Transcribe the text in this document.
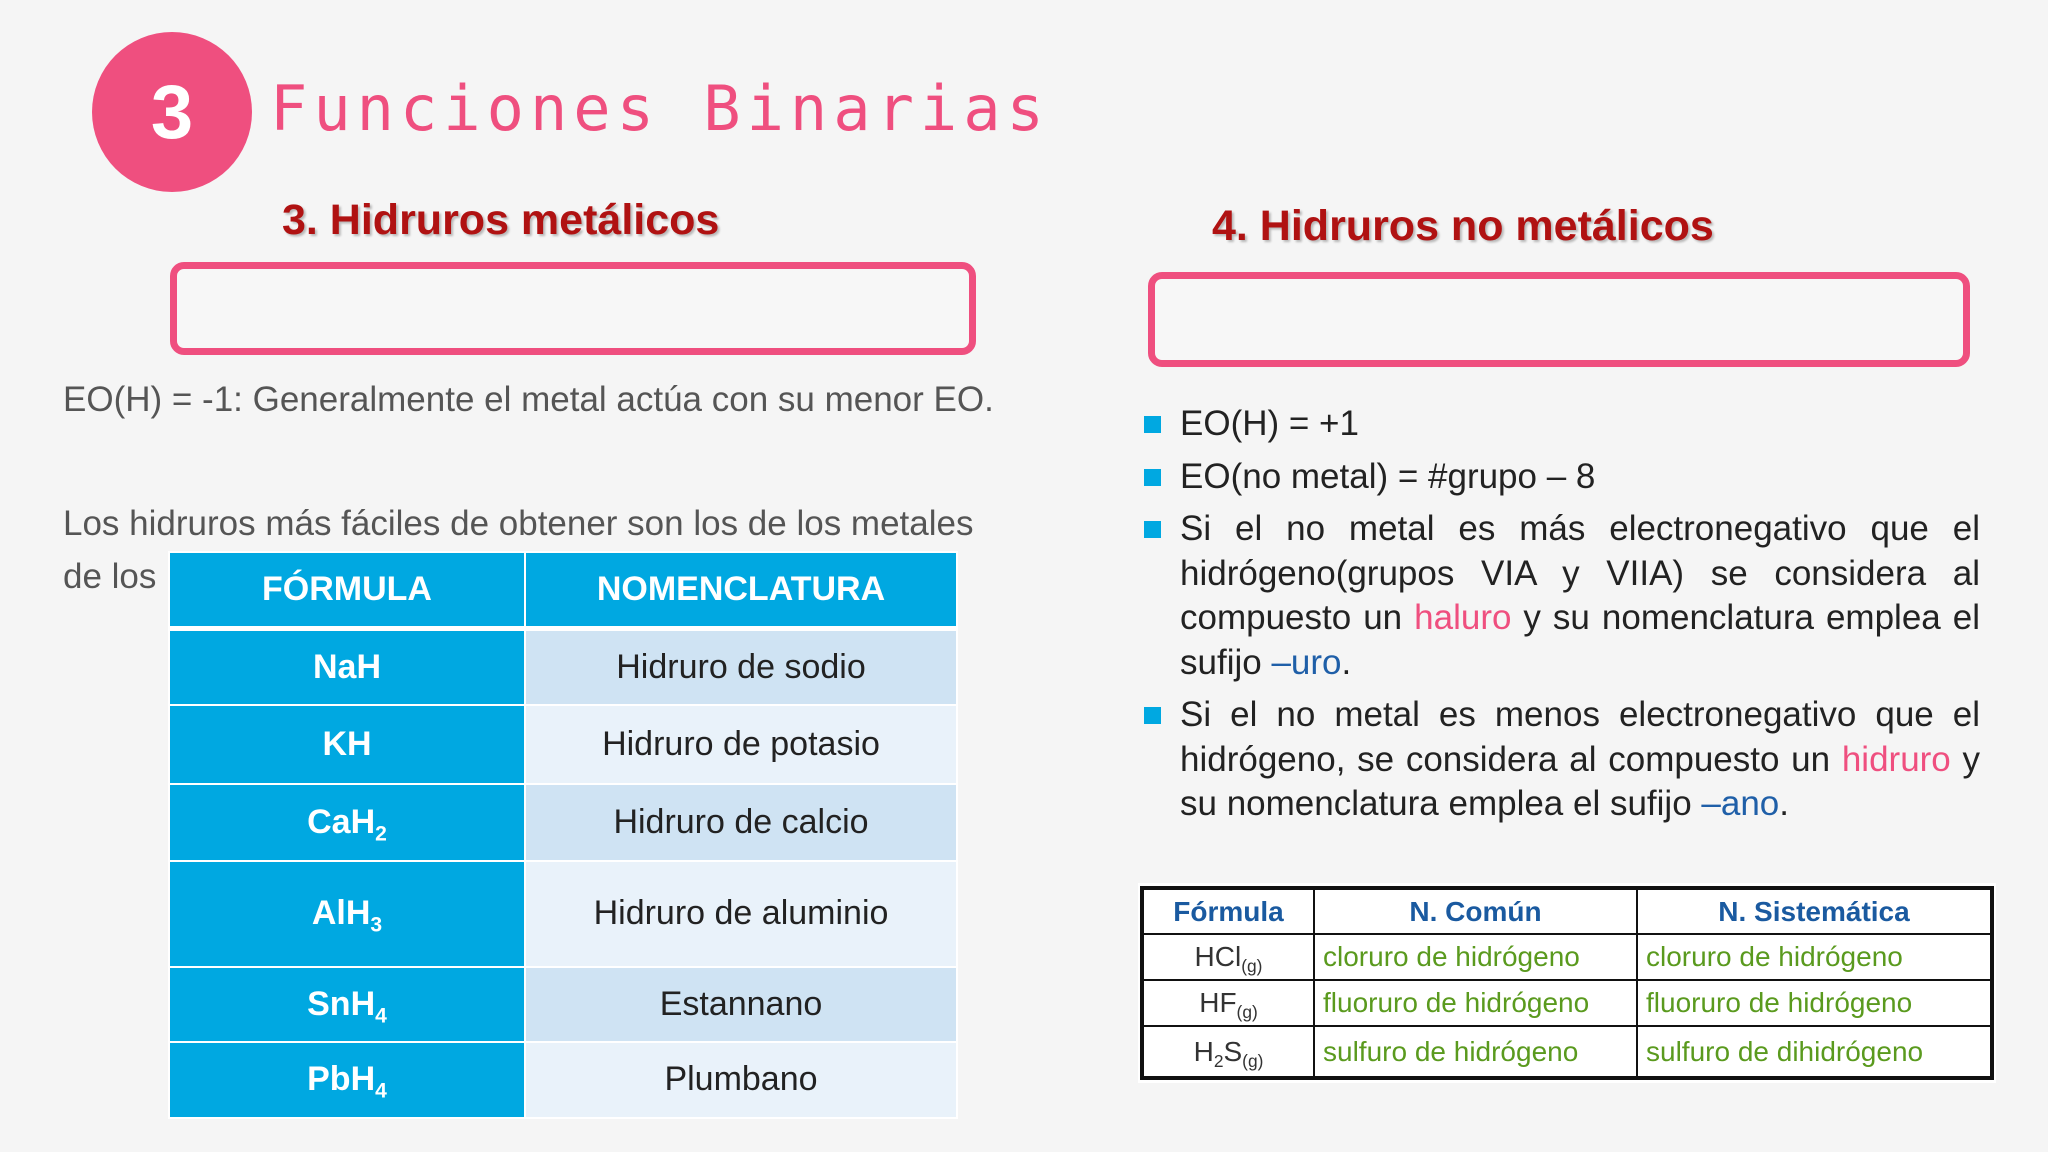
3 Funciones Binarias
3. Hidruros metálicos
EO(H) = -1: Generalmente el metal actúa con su menor EO.
Los hidruros más fáciles de obtener son los de los metales
de los	FÓRMULA	NOMENCLATURA
NaH	Hidruro de sodio
KH	Hidruro de potasio
CaH$_2$	Hidruro de calcio
AlH$_3$	Hidruro de aluminio
SnH$_4$	Estannano
PbH$_4$	Plumbano
4. Hidruros no metálicos
EO(H) = +1
EO(no metal) = #grupo – 8
Si el no metal es más electronegativo que el hidrógeno(grupos VIA y VIIA) se considera al compuesto un haluro y su nomenclatura emplea el sufijo –uro.
Si el no metal es menos electronegativo que el hidrógeno, se considera al compuesto un hidruro y su nomenclatura emplea el sufijo –ano.
Fórmula	N. Común	N. Sistemática
HCl$_{(g)}$	cloruro de hidrógeno	cloruro de hidrógeno
$HF_{(g)}$	fluoruro de hidrógeno	fluoruro de hidrógeno
$H_2S_{(g)}$	sulfuro de hidrógeno	sulfuro de dihidrógeno
